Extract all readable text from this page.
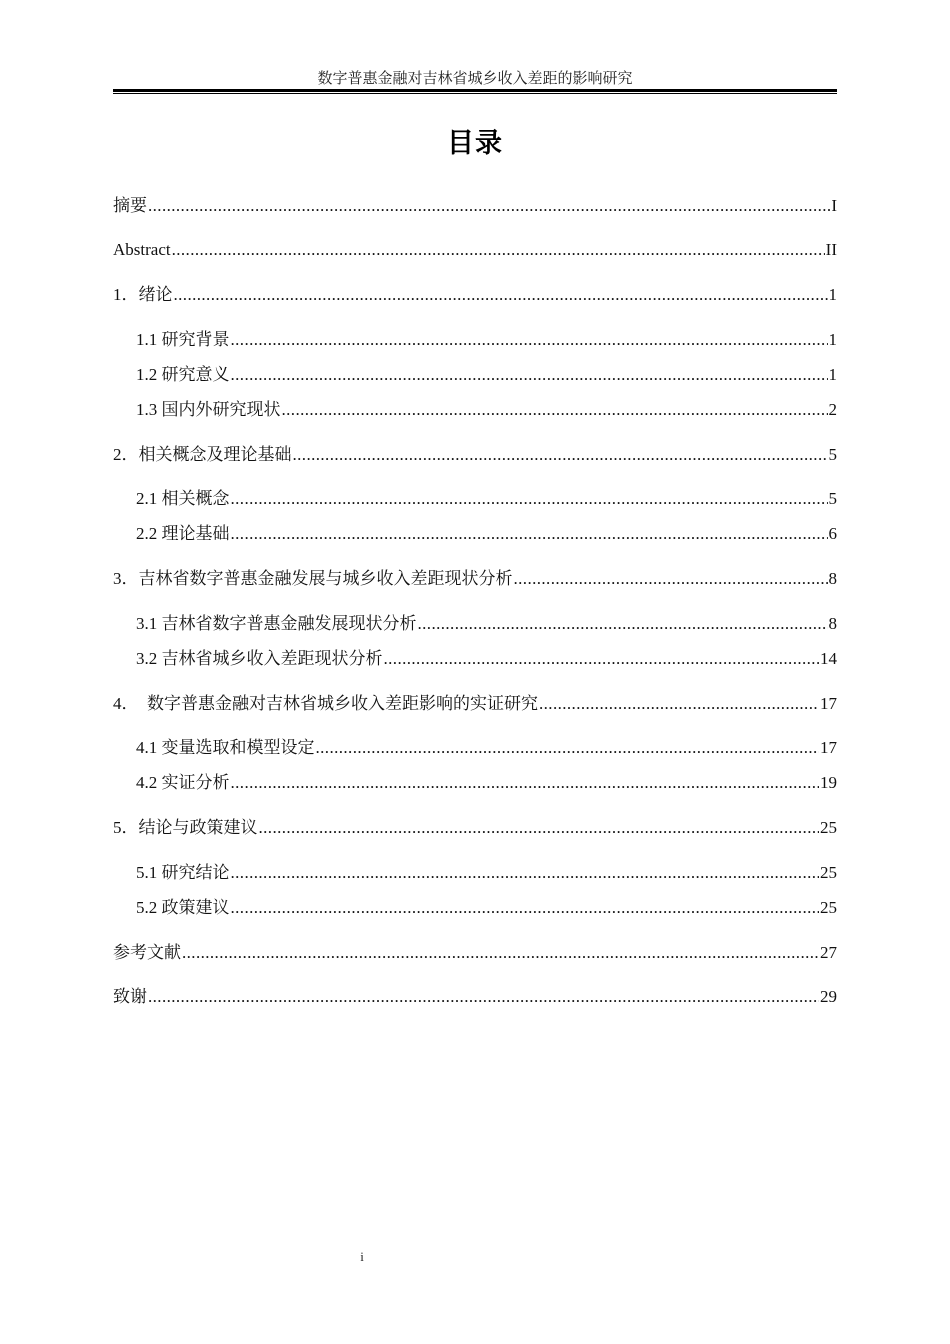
数字普惠金融对吉林省城乡收入差距的影响研究
目录
摘要 .....	I
Abstract .....	II
1．绪论 .....	1
1.1 研究背景 .....	1
1.2 研究意义 .....	1
1.3 国内外研究现状 .....	2
2．相关概念及理论基础 .....	5
2.1 相关概念 .....	5
2.2 理论基础 .....	6
3．吉林省数字普惠金融发展与城乡收入差距现状分析 .....	8
3.1 吉林省数字普惠金融发展现状分析 .....	8
3.2 吉林省城乡收入差距现状分析 .....	14
4．　数字普惠金融对吉林省城乡收入差距影响的实证研究 .....	17
4.1 变量选取和模型设定 .....	17
4.2 实证分析 .....	19
5．结论与政策建议 .....	25
5.1 研究结论 .....	25
5.2 政策建议 .....	25
参考文献 .....	27
致谢 .....	29
i
